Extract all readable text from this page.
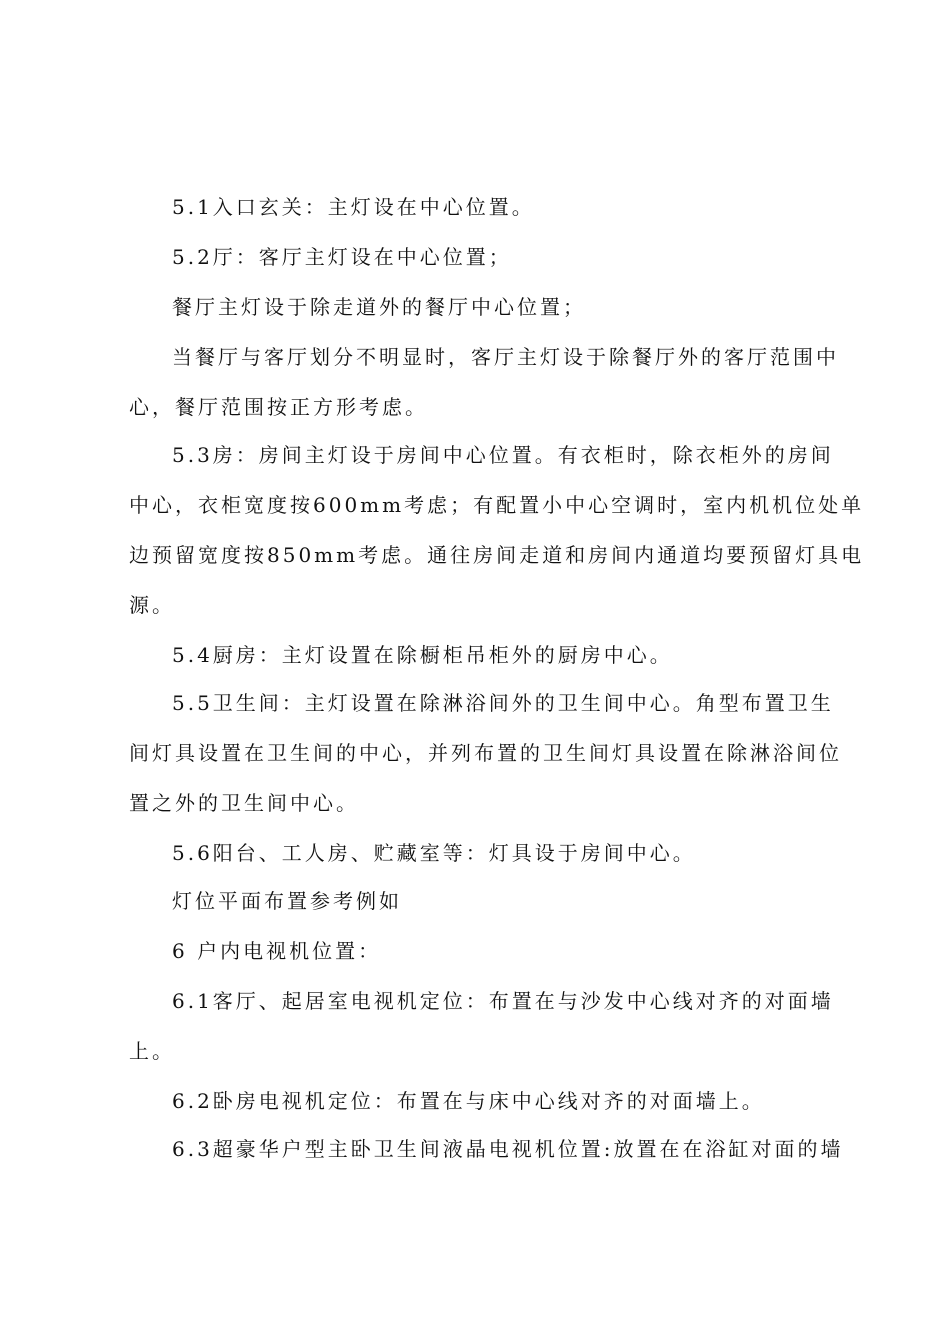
5.1入口玄关：主灯设在中心位置。
5.2厅：客厅主灯设在中心位置；
餐厅主灯设于除走道外的餐厅中心位置；
当餐厅与客厅划分不明显时，客厅主灯设于除餐厅外的客厅范围中
心，餐厅范围按正方形考虑。
5.3房：房间主灯设于房间中心位置。有衣柜时，除衣柜外的房间
中心，衣柜宽度按600mm考虑；有配置小中心空调时，室内机机位处单
边预留宽度按850mm考虑。通往房间走道和房间内通道均要预留灯具电
源。
5.4厨房：主灯设置在除橱柜吊柜外的厨房中心。
5.5卫生间：主灯设置在除淋浴间外的卫生间中心。角型布置卫生
间灯具设置在卫生间的中心，并列布置的卫生间灯具设置在除淋浴间位
置之外的卫生间中心。
5.6阳台、工人房、贮藏室等：灯具设于房间中心。
灯位平面布置参考例如
6 户内电视机位置：
6.1客厅、起居室电视机定位：布置在与沙发中心线对齐的对面墙
上。
6.2卧房电视机定位：布置在与床中心线对齐的对面墙上。
6.3超豪华户型主卧卫生间液晶电视机位置:放置在在浴缸对面的墙
